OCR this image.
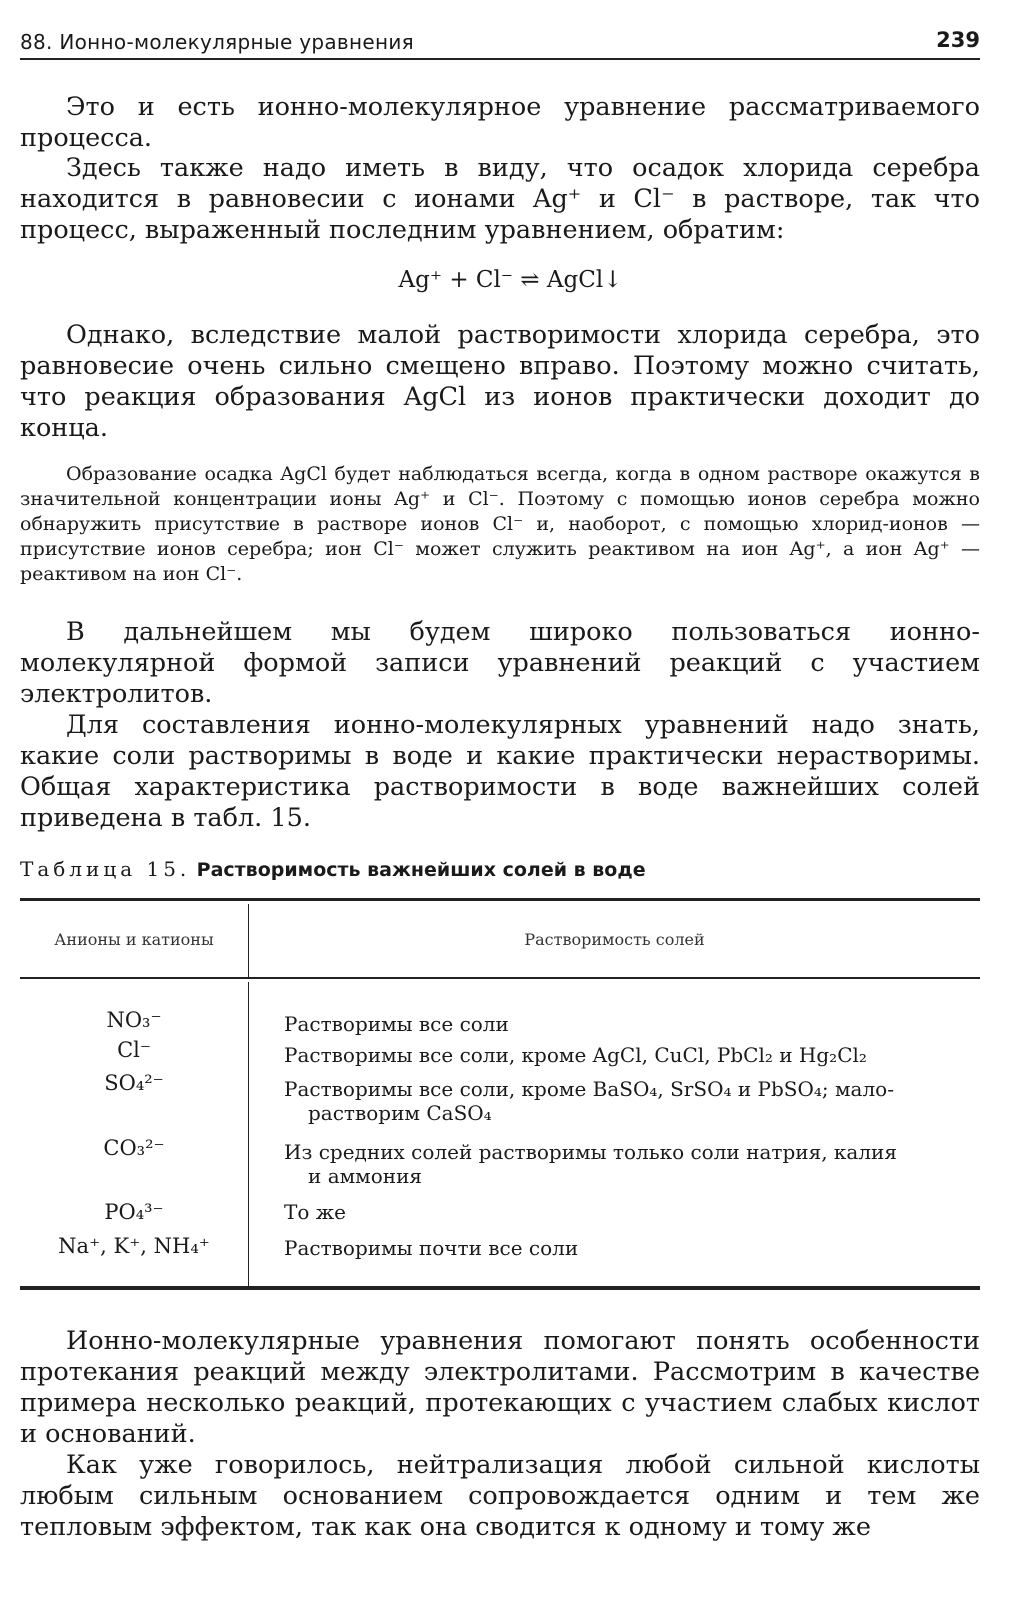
88. Ионно-молекулярные уравнения	239
Это и есть ионно-молекулярное уравнение рассматриваемого процесса.
Здесь также надо иметь в виду, что осадок хлорида серебра находится в равновесии с ионами Ag⁺ и Cl⁻ в растворе, так что процесс, выраженный последним уравнением, обратим:
Ag⁺ + Cl⁻ ⇌ AgCl↓
Однако, вследствие малой растворимости хлорида серебра, это равновесие очень сильно смещено вправо. Поэтому можно считать, что реакция образования AgCl из ионов практически доходит до конца.
Образование осадка AgCl будет наблюдаться всегда, когда в одном растворе окажутся в значительной концентрации ионы Ag⁺ и Cl⁻. Поэтому с помощью ионов серебра можно обнаружить присутствие в растворе ионов Cl⁻ и, наоборот, с помощью хлорид-ионов — присутствие ионов серебра; ион Cl⁻ может служить реактивом на ион Ag⁺, а ион Ag⁺ — реактивом на ион Cl⁻.
В дальнейшем мы будем широко пользоваться ионно-молекулярной формой записи уравнений реакций с участием электролитов.
Для составления ионно-молекулярных уравнений надо знать, какие соли растворимы в воде и какие практически нерастворимы. Общая характеристика растворимости в воде важнейших солей приведена в табл. 15.
Таблица 15. Растворимость важнейших солей в воде
Анионы и катионы	Растворимость солей
NO₃⁻	Растворимы все соли
Cl⁻	Растворимы все соли, кроме AgCl, CuCl, PbCl₂ и Hg₂Cl₂
SO₄²⁻	Растворимы все соли, кроме BaSO₄, SrSO₄ и PbSO₄; мало-
растворим CaSO₄
CO₃²⁻	Из средних солей растворимы только соли натрия, калия
и аммония
PO₄³⁻	То же
Na⁺, K⁺, NH₄⁺	Растворимы почти все соли
Ионно-молекулярные уравнения помогают понять особенности протекания реакций между электролитами. Рассмотрим в качестве примера несколько реакций, протекающих с участием слабых кислот и оснований.
Как уже говорилось, нейтрализация любой сильной кислоты любым сильным основанием сопровождается одним и тем же тепловым эффектом, так как она сводится к одному и тому же
